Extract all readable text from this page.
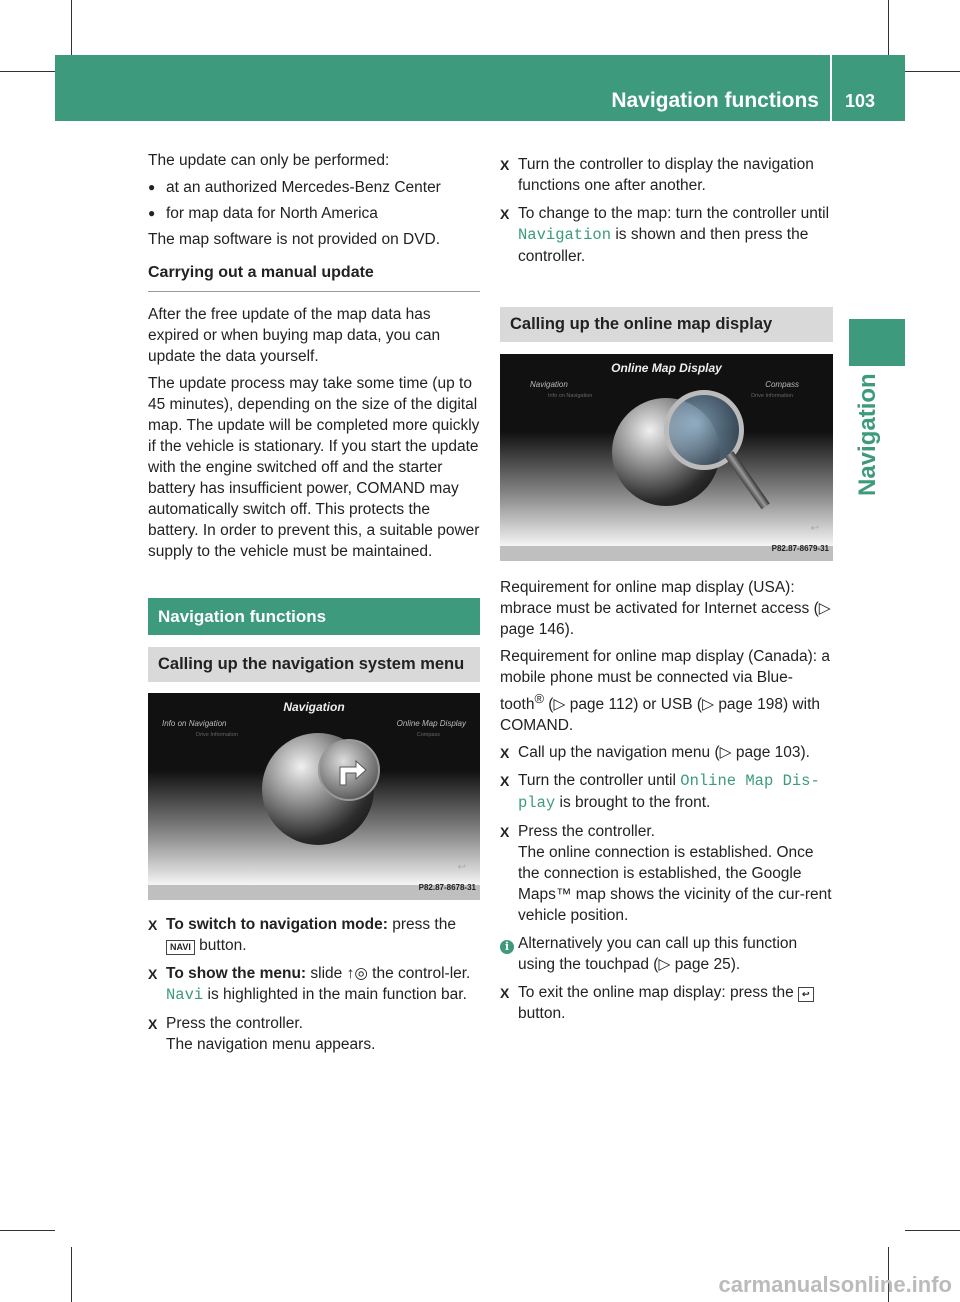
Navigation functions 103
Navigation

The update can only be performed:

● at an authorized Mercedes-Benz Center
● for map data for North America

The map software is not provided on DVD.

Carrying out a manual update

After the free update of the map data has expired or when buying map data, you can update the data yourself.

The update process may take some time (up to 45 minutes), depending on the size of the digital map. The update will be completed more quickly if the vehicle is stationary. If you start the update with the engine switched off and the starter battery has insufficient power, COMAND may automatically switch off. This protects the battery. In order to prevent this, a suitable power supply to the vehicle must be maintained.

Navigation functions
Calling up the navigation system menu
Navigation
Info on Navigation
Drive Information
Online Map Display
Compass
↩
P82.87-8678-31
X To switch to navigation mode: press the
NAVI button.
X To show the menu: slide ↑◎ the control-ler.
Navi is highlighted in the main function bar.
X Press the controller.
The navigation menu appears.
X Turn the controller to display the navigation functions one after another.
X To change to the map: turn the controller until Navigation is shown and then press the controller.
Calling up the online map display
Online Map Display
Navigation
Info on Navigation
Compass
Drive Information
↩
P82.87-8679-31

Requirement for online map display (USA): mbrace must be activated for Internet access (▷ page 146).

Requirement for online map display (Canada): a mobile phone must be connected via Blue-tooth® (▷ page 112) or USB (▷ page 198) with COMAND.

X Call up the navigation menu (▷ page 103).
X Turn the controller until Online Map Dis‐ play is brought to the front.
X Press the controller.
The online connection is established. Once the connection is established, the Google Maps™ map shows the vicinity of the cur-rent vehicle position.
i Alternatively you can call up this function using the touchpad (▷ page 25).
X To exit the online map display: press the ↩ button.
carmanualsonline.info
